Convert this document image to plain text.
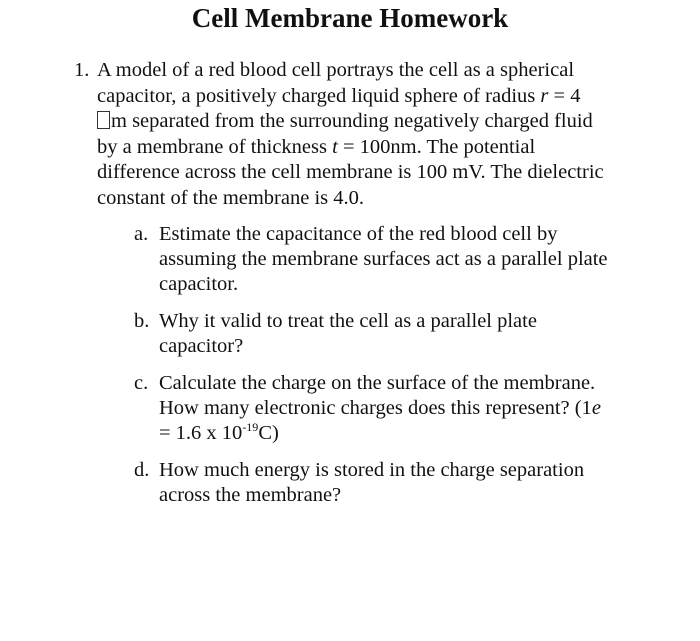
Cell Membrane Homework
1. A model of a red blood cell portrays the cell as a spherical
capacitor, a positively charged liquid sphere of radius r = 4
m separated from the surrounding negatively charged fluid
by a membrane of thickness t = 100nm. The potential
difference across the cell membrane is 100 mV. The dielectric
constant of the membrane is 4.0.
a. Estimate the capacitance of the red blood cell by
assuming the membrane surfaces act as a parallel plate
capacitor.
b. Why it valid to treat the cell as a parallel plate
capacitor?
c. Calculate the charge on the surface of the membrane.
How many electronic charges does this represent? (1e
= 1.6 x $10^{-19}C$)
d. How much energy is stored in the charge separation
across the membrane?
